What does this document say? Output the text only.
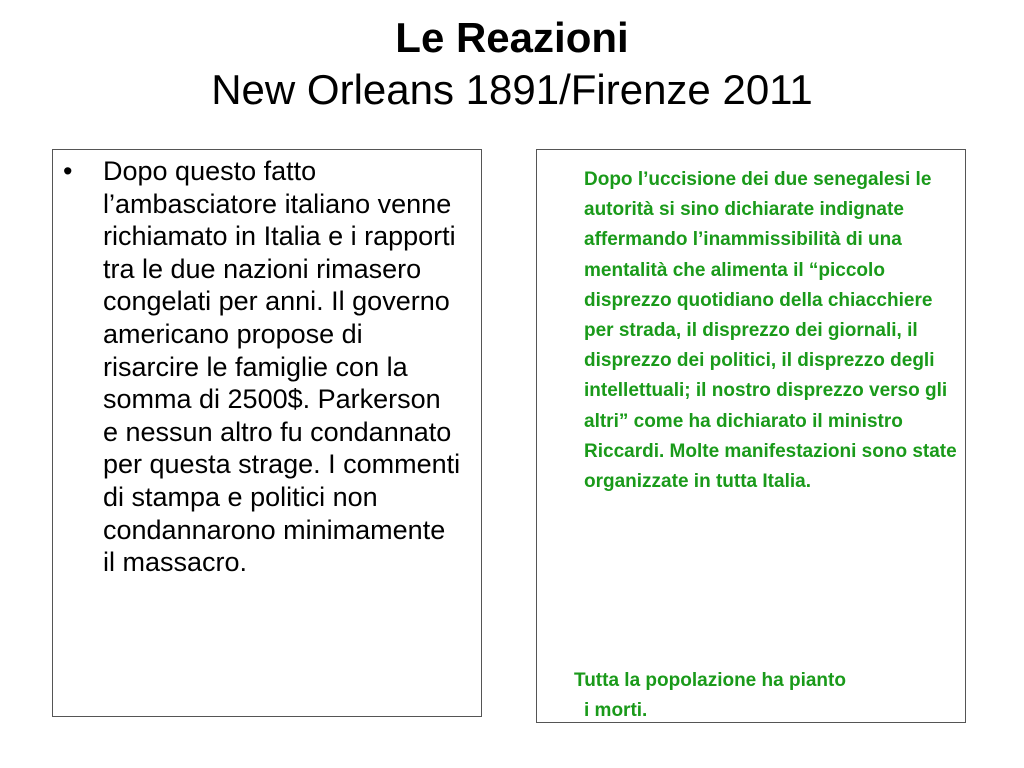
Le Reazioni
New Orleans 1891/Firenze 2011
• Dopo questo fatto l’ambasciatore italiano venne richiamato in Italia e i rapporti tra le due nazioni rimasero congelati per anni. Il governo americano propose di risarcire le famiglie con la somma di 2500$. Parkerson e nessun altro fu condannato per questa strage. I commenti di stampa e politici non condannarono minimamente il massacro.
Dopo l’uccisione dei due senegalesi le autorità si sino dichiarate indignate affermando l’inammissibilità di una mentalità che alimenta il “piccolo disprezzo quotidiano della chiacchiere per strada, il disprezzo dei giornali, il disprezzo dei politici, il disprezzo degli intellettuali; il nostro disprezzo verso gli altri” come ha dichiarato il ministro Riccardi. Molte manifestazioni sono state organizzate in tutta Italia.
Tutta la popolazione ha pianto
i morti.
